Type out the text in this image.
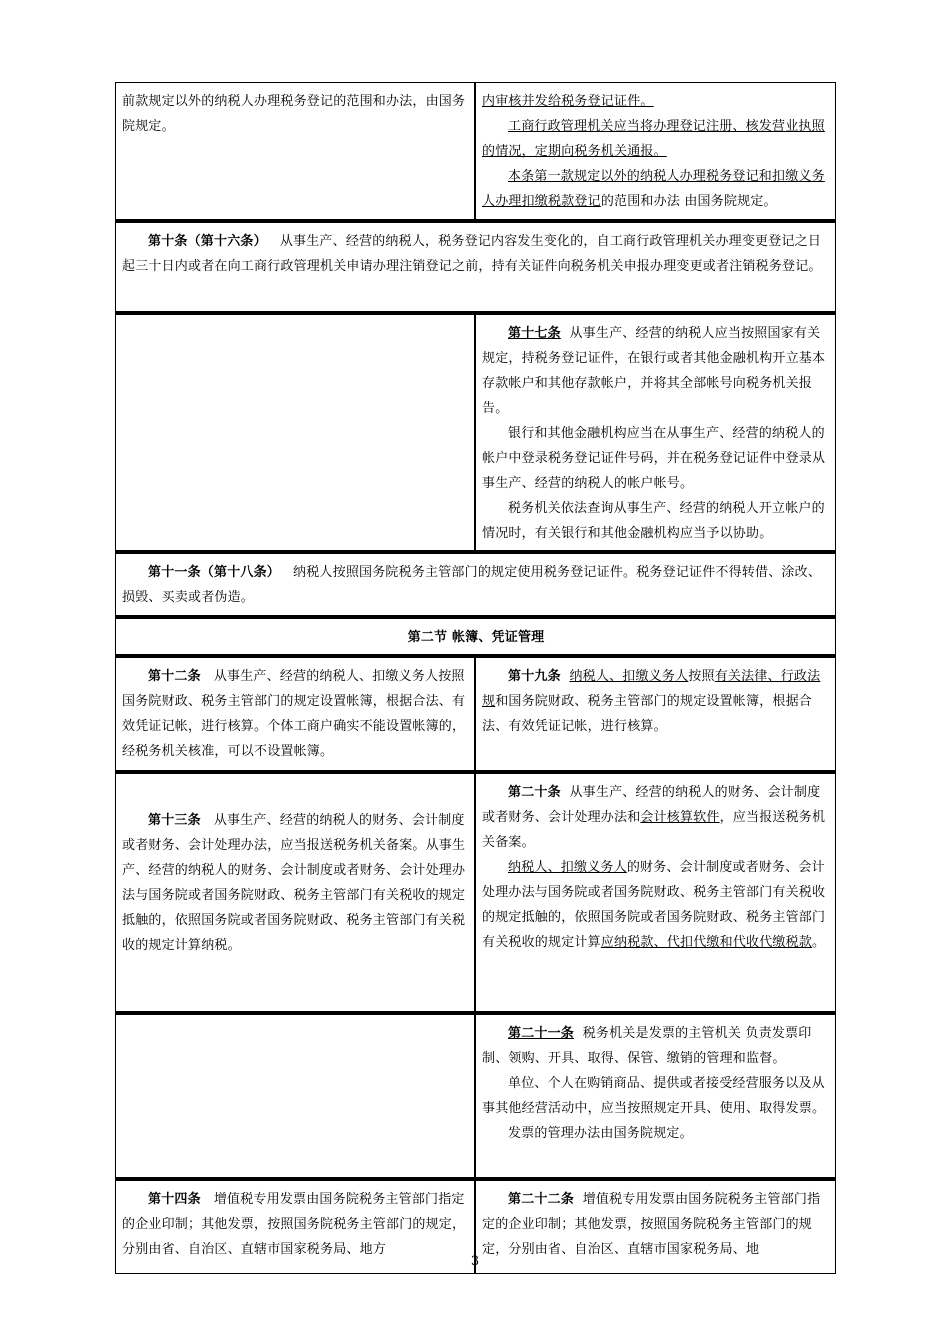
前款规定以外的纳税人办理税务登记的范围和办法，由国务院规定。	内审核并发给税务登记证件。

工商行政管理机关应当将办理登记注册、核发营业执照的情况，定期向税务机关通报。

本条第一款规定以外的纳税人办理税务登记和扣缴义务人办理扣缴税款登记的范围和办法 由国务院规定。

第十条（第十六条） 从事生产、经营的纳税人，税务登记内容发生变化的，自工商行政管理机关办理变更登记之日起三十日内或者在向工商行政管理机关申请办理注销登记之前，持有关证件向税务机关申报办理变更或者注销税务登记。	

	第十七条 从事生产、经营的纳税人应当按照国家有关规定，持税务登记证件，在银行或者其他金融机构开立基本存款帐户和其他存款帐户，并将其全部帐号向税务机关报告。

银行和其他金融机构应当在从事生产、经营的纳税人的帐户中登录税务登记证件号码，并在税务登记证件中登录从事生产、经营的纳税人的帐户帐号。

税务机关依法查询从事生产、经营的纳税人开立帐户的情况时，有关银行和其他金融机构应当予以协助。

第十一条（第十八条） 纳税人按照国务院税务主管部门的规定使用税务登记证件。税务登记证件不得转借、涂改、损毁、买卖或者伪造。	

第二节 帐簿、凭证管理	

第十二条 从事生产、经营的纳税人、扣缴义务人按照国务院财政、税务主管部门的规定设置帐簿，根据合法、有效凭证记帐，进行核算。个体工商户确实不能设置帐簿的，经税务机关核准，可以不设置帐簿。	第十九条 纳税人、扣缴义务人按照有关法律、行政法规和国务院财政、税务主管部门的规定设置帐簿，根据合法、有效凭证记帐，进行核算。

第十三条 从事生产、经营的纳税人的财务、会计制度或者财务、会计处理办法，应当报送税务机关备案。从事生产、经营的纳税人的财务、会计制度或者财务、会计处理办法与国务院或者国务院财政、税务主管部门有关税收的规定抵触的，依照国务院或者国务院财政、税务主管部门有关税收的规定计算纳税。	第二十条 从事生产、经营的纳税人的财务、会计制度或者财务、会计处理办法和会计核算软件，应当报送税务机关备案。

纳税人、扣缴义务人的财务、会计制度或者财务、会计处理办法与国务院或者国务院财政、税务主管部门有关税收的规定抵触的，依照国务院或者国务院财政、税务主管部门有关税收的规定计算应纳税款、代扣代缴和代收代缴税款。

	第二十一条 税务机关是发票的主管机关 负责发票印制、领购、开具、取得、保管、缴销的管理和监督。

单位、个人在购销商品、提供或者接受经营服务以及从事其他经营活动中，应当按照规定开具、使用、取得发票。

发票的管理办法由国务院规定。

第十四条 增值税专用发票由国务院税务主管部门指定的企业印制；其他发票，按照国务院税务主管部门的规定，分别由省、自治区、直辖市国家税务局、地方	第二十二条 增值税专用发票由国务院税务主管部门指定的企业印制；其他发票，按照国务院税务主管部门的规定，分别由省、自治区、直辖市国家税务局、地

3
